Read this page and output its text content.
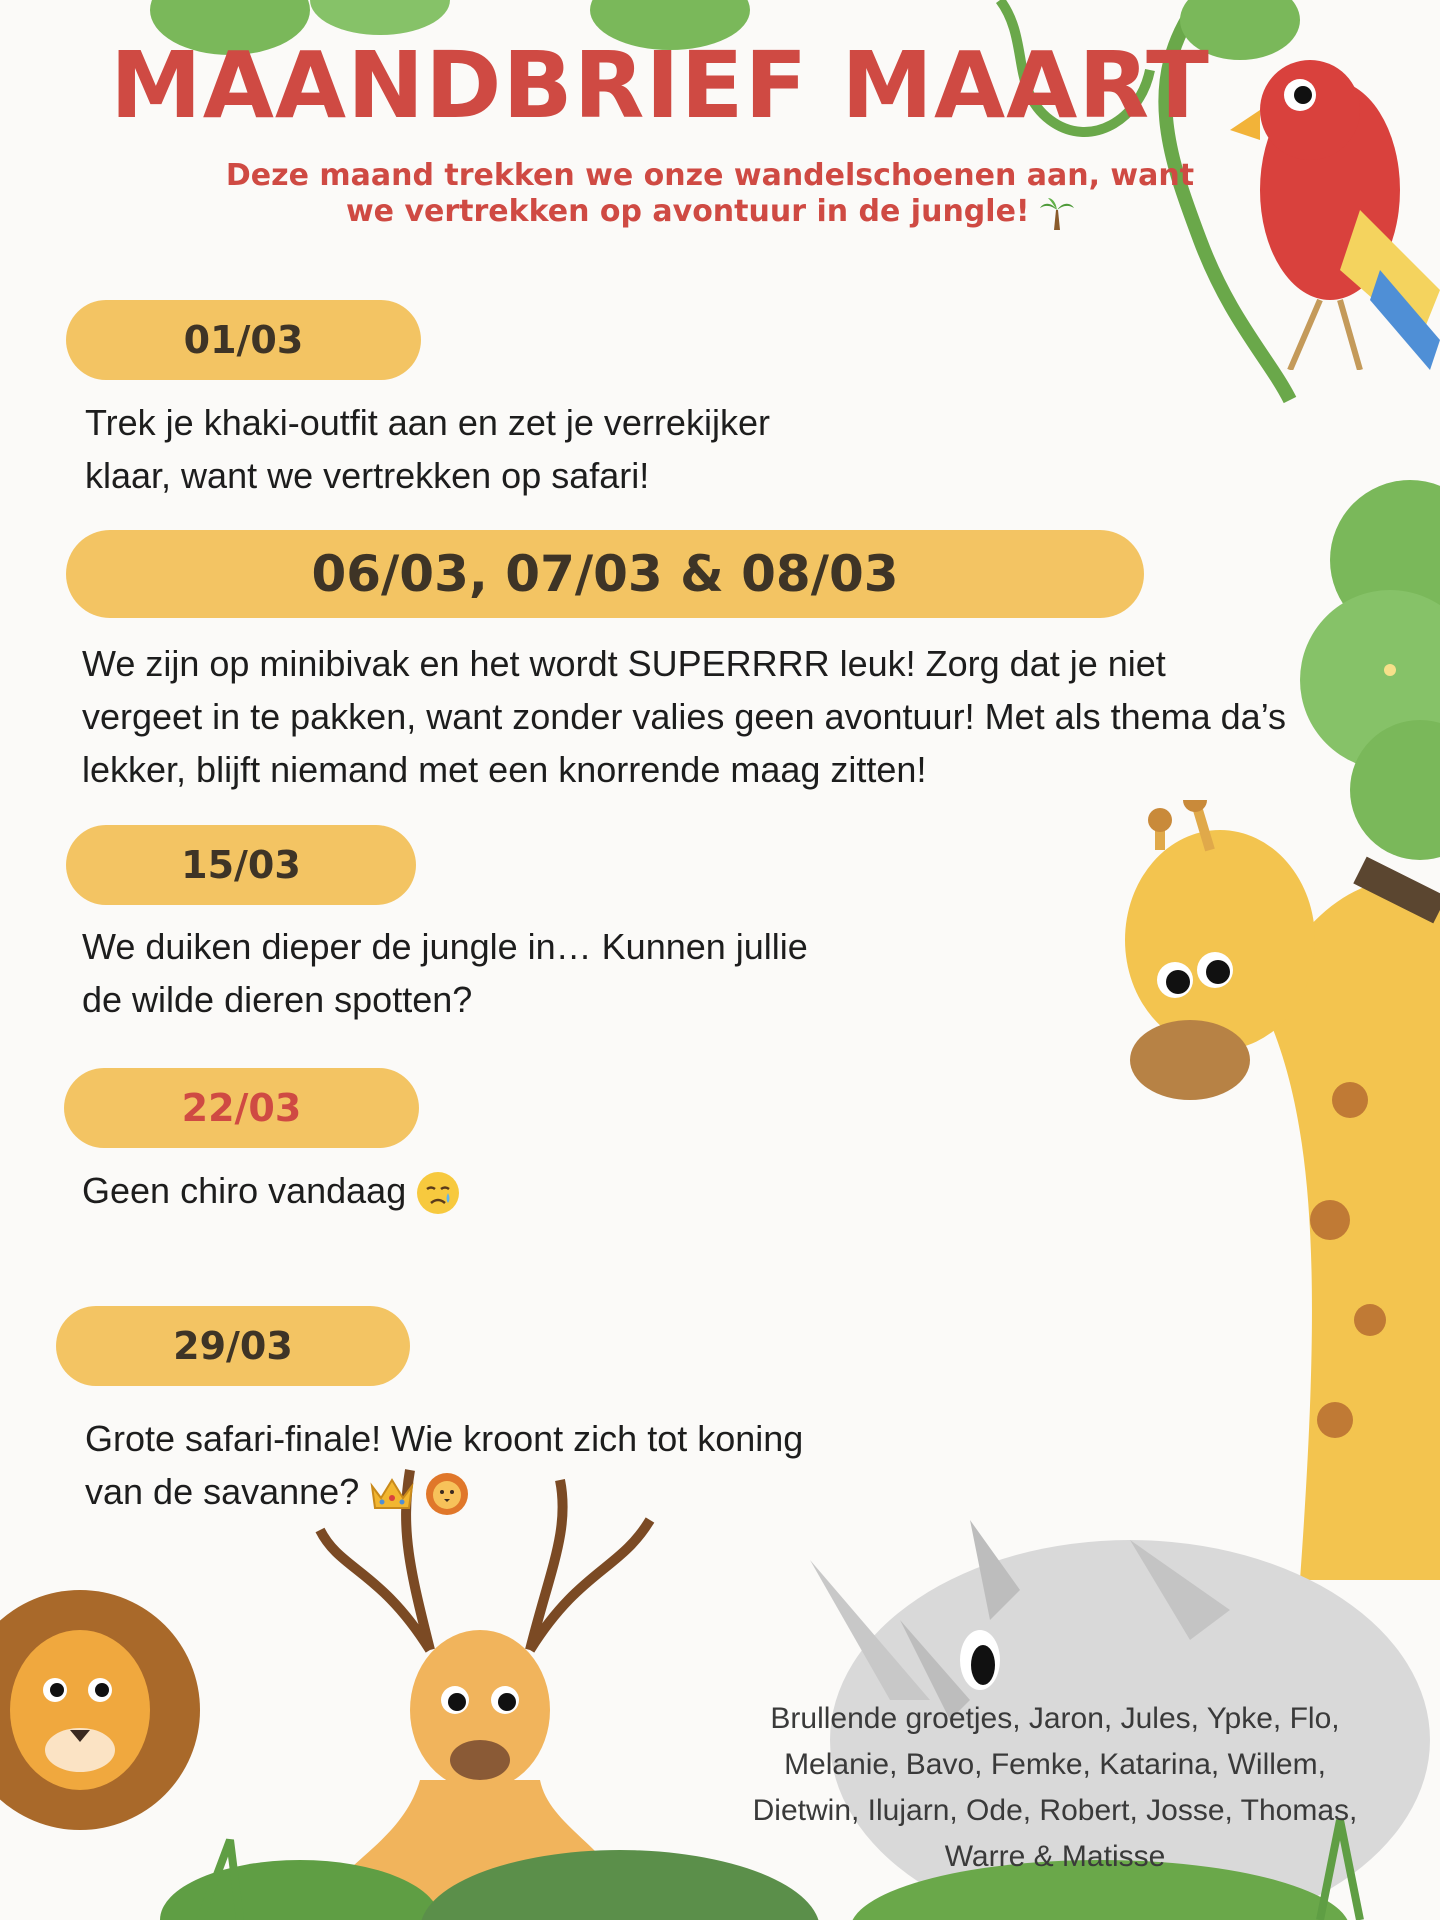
MAANDBRIEF MAART
Deze maand trekken we onze wandelschoenen aan, want
we vertrekken op avontuur in de jungle!
01/03
Trek je khaki-outfit aan en zet je verrekijker
klaar, want we vertrekken op safari!
06/03, 07/03 & 08/03
We zijn op minibivak en het wordt SUPERRRR leuk! Zorg dat je niet
vergeet in te pakken, want zonder valies geen avontuur! Met als thema da’s
lekker, blijft niemand met een knorrende maag zitten!
15/03
We duiken dieper de jungle in… Kunnen jullie
de wilde dieren spotten?
22/03
Geen chiro vandaag
29/03
Grote safari-finale! Wie kroont zich tot koning
van de savanne?
Brullende groetjes, Jaron, Jules, Ypke, Flo,
Melanie, Bavo, Femke, Katarina, Willem,
Dietwin, Ilujarn, Ode, Robert, Josse, Thomas,
Warre & Matisse
